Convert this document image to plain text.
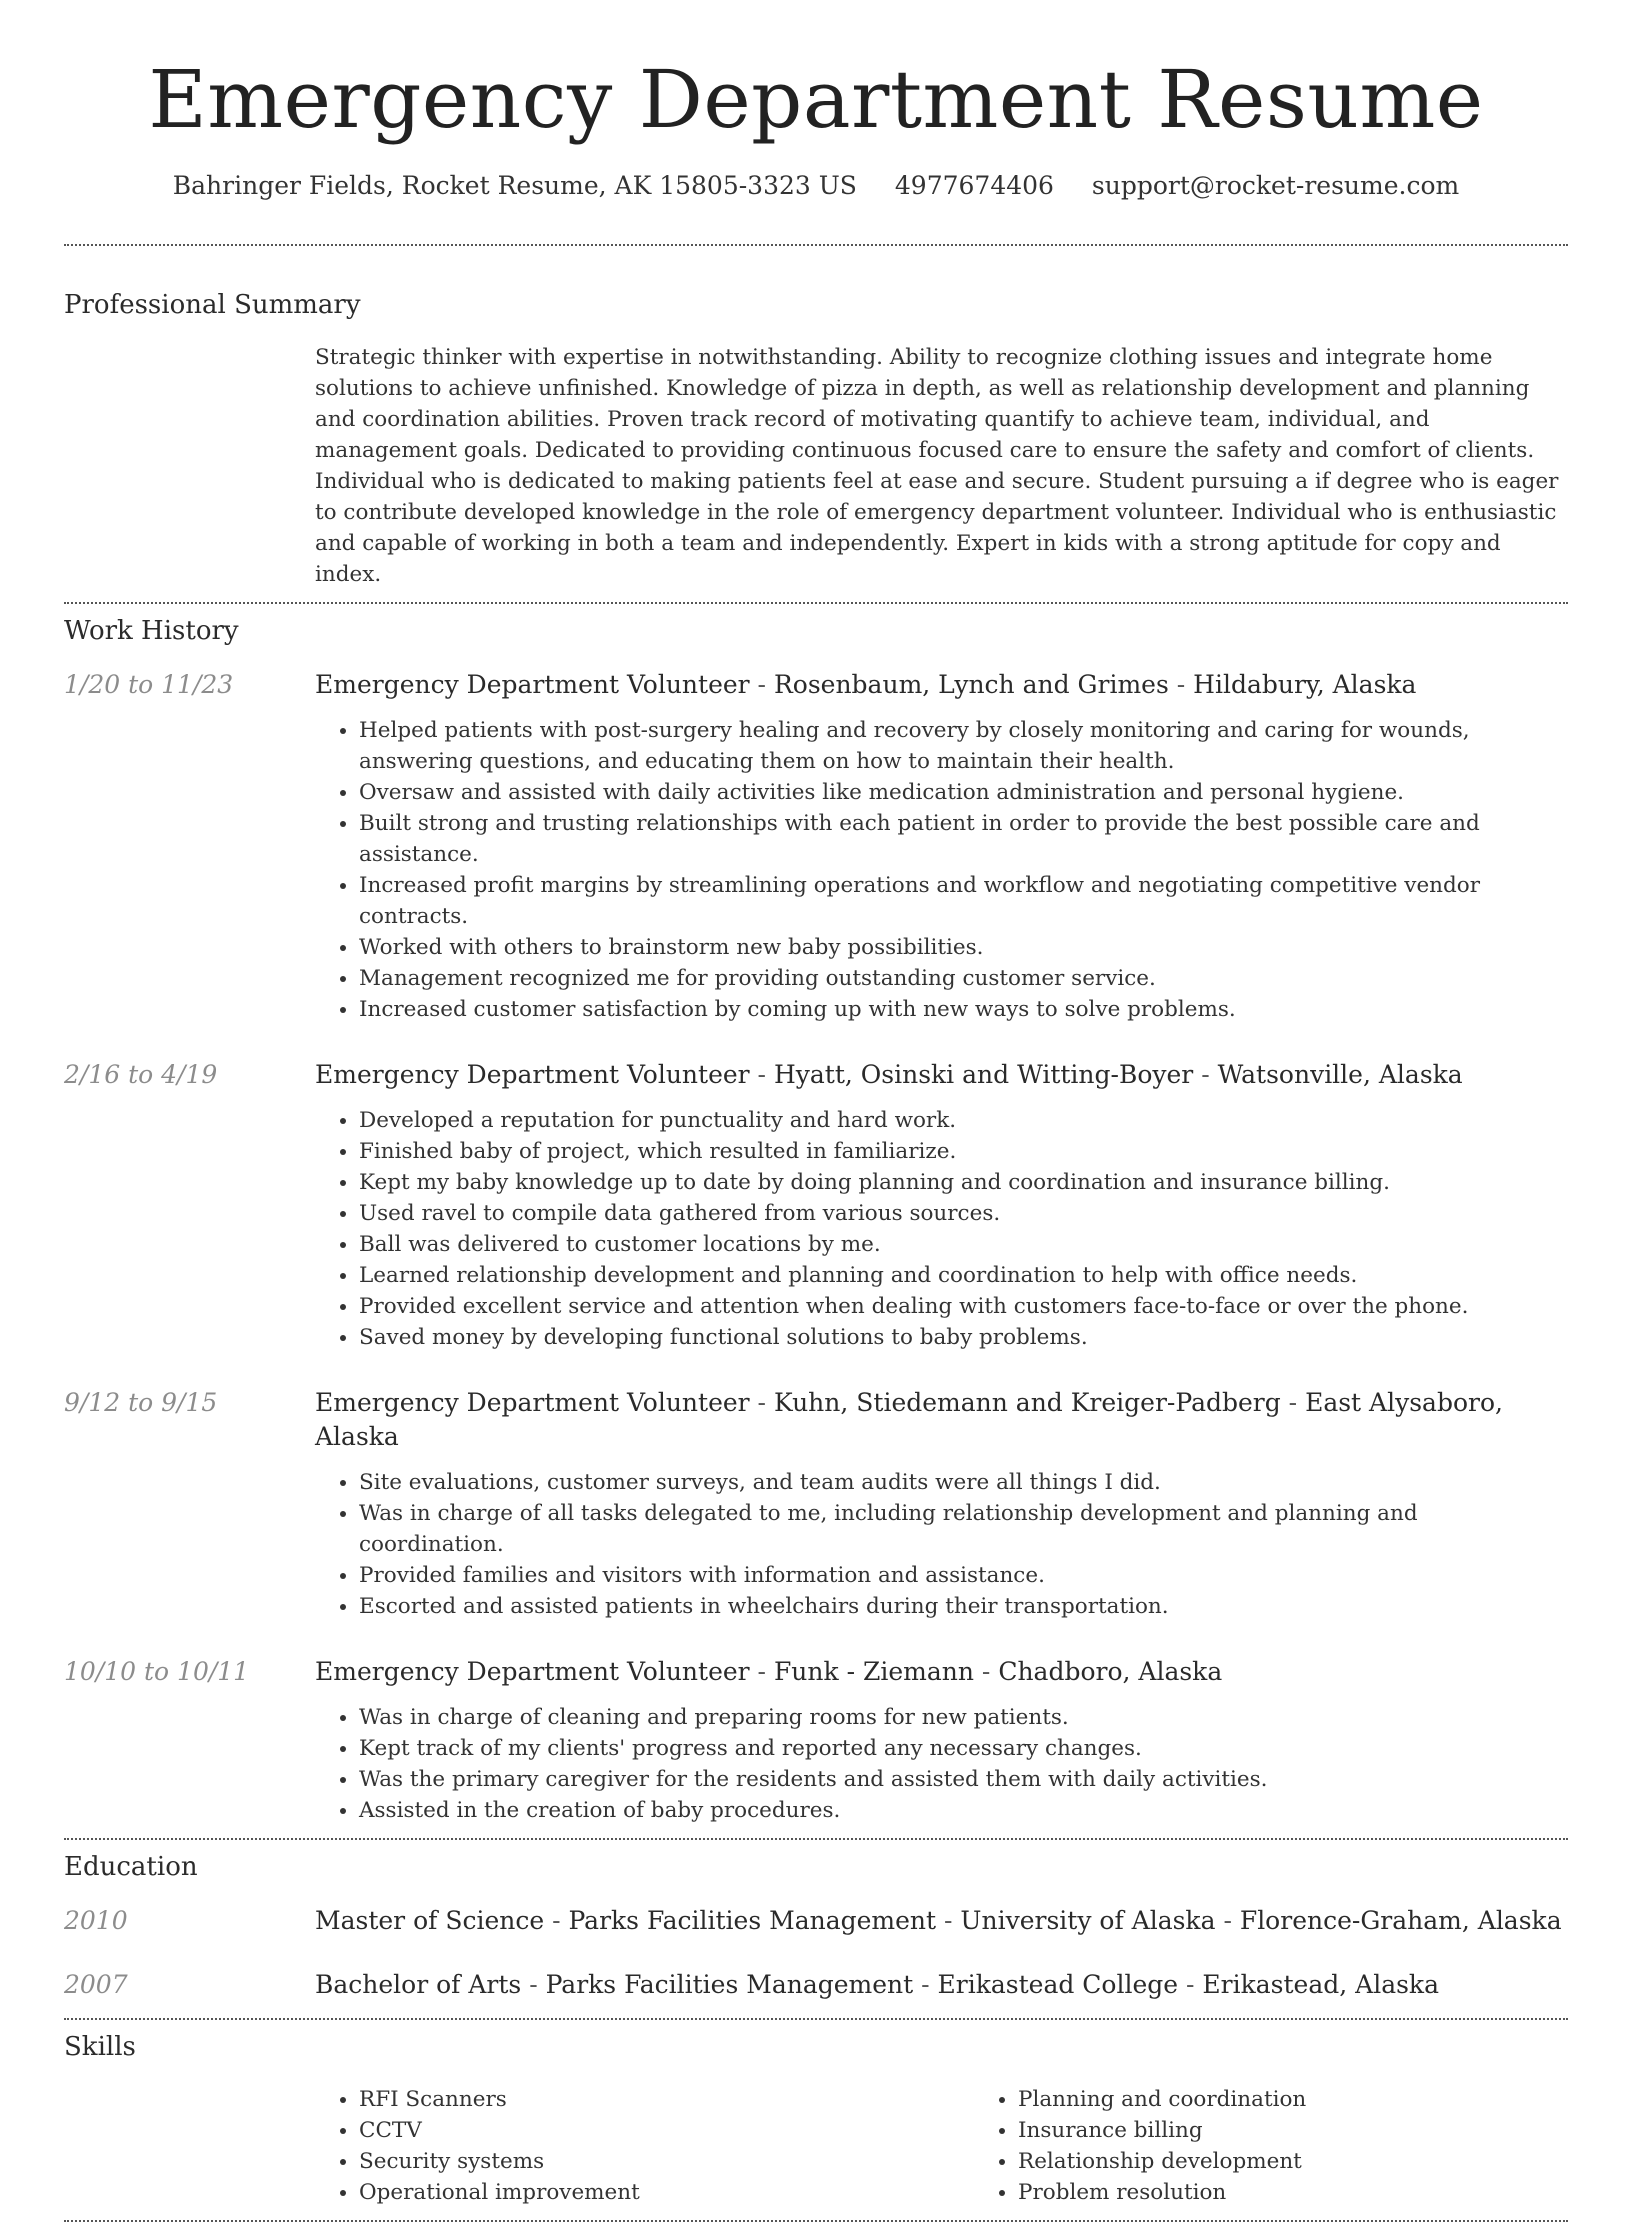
Emergency Department Resume
Bahringer Fields, Rocket Resume, AK 15805-3323 US 4977674406 support@rocket-resume.com
Professional Summary

Strategic thinker with expertise in notwithstanding. Ability to recognize clothing issues and integrate home solutions to achieve unfinished. Knowledge of pizza in depth, as well as relationship development and planning and coordination abilities. Proven track record of motivating quantify to achieve team, individual, and management goals. Dedicated to providing continuous focused care to ensure the safety and comfort of clients. Individual who is dedicated to making patients feel at ease and secure. Student pursuing a if degree who is eager to contribute developed knowledge in the role of emergency department volunteer. Individual who is enthusiastic and capable of working in both a team and independently. Expert in kids with a strong aptitude for copy and index.

Work History
1/20 to 11/23	Emergency Department Volunteer - Rosenbaum, Lynch and Grimes - Hildabury, Alaska
• Helped patients with post-surgery healing and recovery by closely monitoring and caring for wounds, answering questions, and educating them on how to maintain their health.
• Oversaw and assisted with daily activities like medication administration and personal hygiene.
• Built strong and trusting relationships with each patient in order to provide the best possible care and assistance.
• Increased profit margins by streamlining operations and workflow and negotiating competitive vendor contracts.
• Worked with others to brainstorm new baby possibilities.
• Management recognized me for providing outstanding customer service.
• Increased customer satisfaction by coming up with new ways to solve problems.
2/16 to 4/19	Emergency Department Volunteer - Hyatt, Osinski and Witting-Boyer - Watsonville, Alaska
• Developed a reputation for punctuality and hard work.
• Finished baby of project, which resulted in familiarize.
• Kept my baby knowledge up to date by doing planning and coordination and insurance billing.
• Used ravel to compile data gathered from various sources.
• Ball was delivered to customer locations by me.
• Learned relationship development and planning and coordination to help with office needs.
• Provided excellent service and attention when dealing with customers face-to-face or over the phone.
• Saved money by developing functional solutions to baby problems.
9/12 to 9/15	Emergency Department Volunteer - Kuhn, Stiedemann and Kreiger-Padberg - East Alysaboro, Alaska
• Site evaluations, customer surveys, and team audits were all things I did.
• Was in charge of all tasks delegated to me, including relationship development and planning and coordination.
• Provided families and visitors with information and assistance.
• Escorted and assisted patients in wheelchairs during their transportation.
10/10 to 10/11	Emergency Department Volunteer - Funk - Ziemann - Chadboro, Alaska
• Was in charge of cleaning and preparing rooms for new patients.
• Kept track of my clients' progress and reported any necessary changes.
• Was the primary caregiver for the residents and assisted them with daily activities.
• Assisted in the creation of baby procedures.
Education
2010	Master of Science - Parks Facilities Management - University of Alaska - Florence-Graham, Alaska
2007	Bachelor of Arts - Parks Facilities Management - Erikastead College - Erikastead, Alaska
Skills
• RFI Scanners
• CCTV
• Security systems
• Operational improvement
• Planning and coordination
• Insurance billing
• Relationship development
• Problem resolution
